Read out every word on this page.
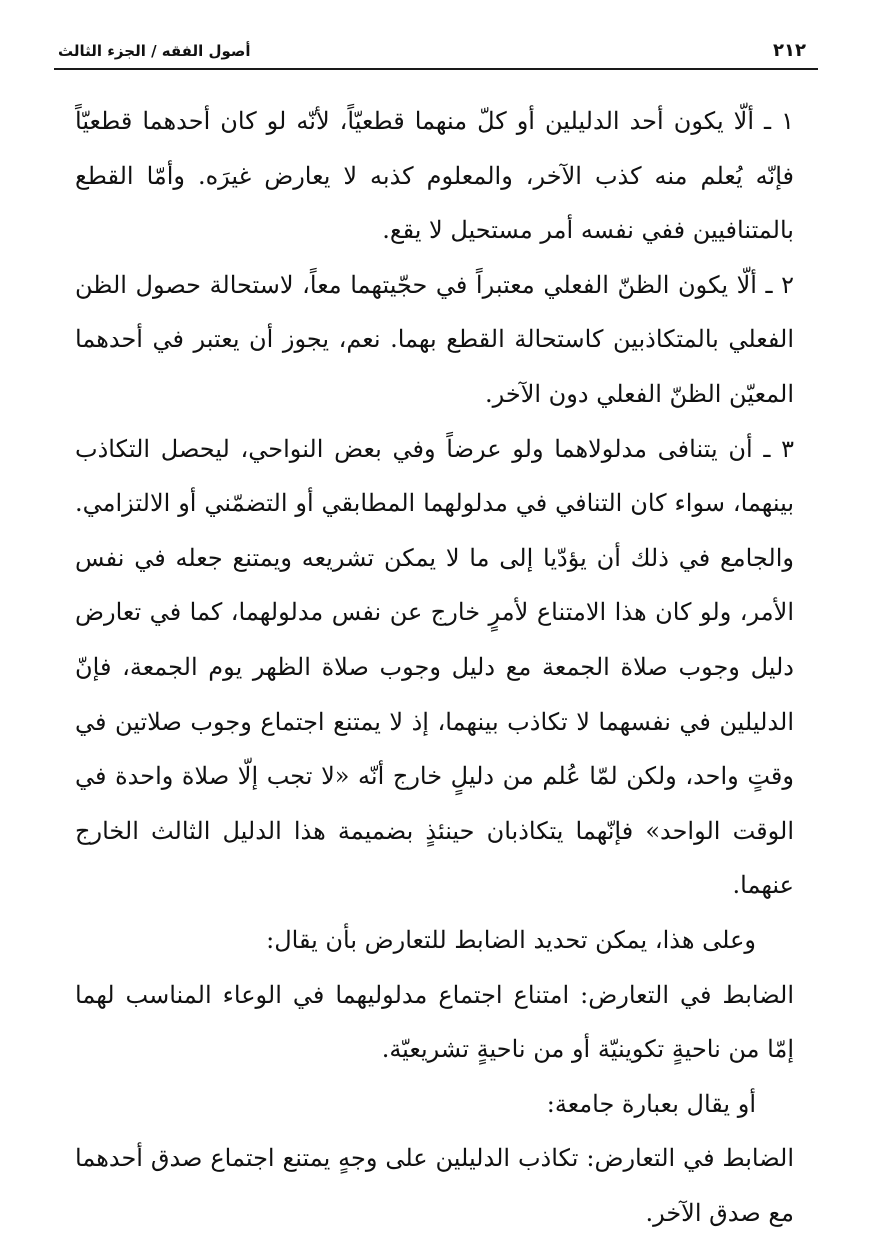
٢١٢
أصول الفقه / الجزء الثالث

١ ـ ألّا يكون أحد الدليلين أو كلّ منهما قطعيّاً، لأنّه لو كان أحدهما قطعيّاً فإنّه يُعلم منه كذب الآخر، والمعلوم كذبه لا يعارض غيرَه. وأمّا القطع بالمتنافيين ففي نفسه أمر مستحيل لا يقع.

٢ ـ ألّا يكون الظنّ الفعلي معتبراً في حجّيتهما معاً، لاستحالة حصول الظن الفعلي بالمتكاذبين كاستحالة القطع بهما. نعم، يجوز أن يعتبر في أحدهما المعيّن الظنّ الفعلي دون الآخر.

٣ ـ أن يتنافى مدلولاهما ولو عرضاً وفي بعض النواحي، ليحصل التكاذب بينهما، سواء كان التنافي في مدلولهما المطابقي أو التضمّني أو الالتزامي. والجامع في ذلك أن يؤدّيا إلى ما لا يمكن تشريعه ويمتنع جعله في نفس الأمر، ولو كان هذا الامتناع لأمرٍ خارج عن نفس مدلولهما، كما في تعارض دليل وجوب صلاة الجمعة مع دليل وجوب صلاة الظهر يوم الجمعة، فإنّ الدليلين في نفسهما لا تكاذب بينهما، إذ لا يمتنع اجتماع وجوب صلاتين في وقتٍ واحد، ولكن لمّا عُلم من دليلٍ خارج أنّه «لا تجب إلّا صلاة واحدة في الوقت الواحد» فإنّهما يتكاذبان حينئذٍ بضميمة هذا الدليل الثالث الخارج عنهما.

وعلى هذا، يمكن تحديد الضابط للتعارض بأن يقال:

الضابط في التعارض: امتناع اجتماع مدلوليهما في الوعاء المناسب لهما إمّا من ناحيةٍ تكوينيّة أو من ناحيةٍ تشريعيّة.

أو يقال بعبارة جامعة:

الضابط في التعارض: تكاذب الدليلين على وجهٍ يمتنع اجتماع صدق أحدهما مع صدق الآخر.
